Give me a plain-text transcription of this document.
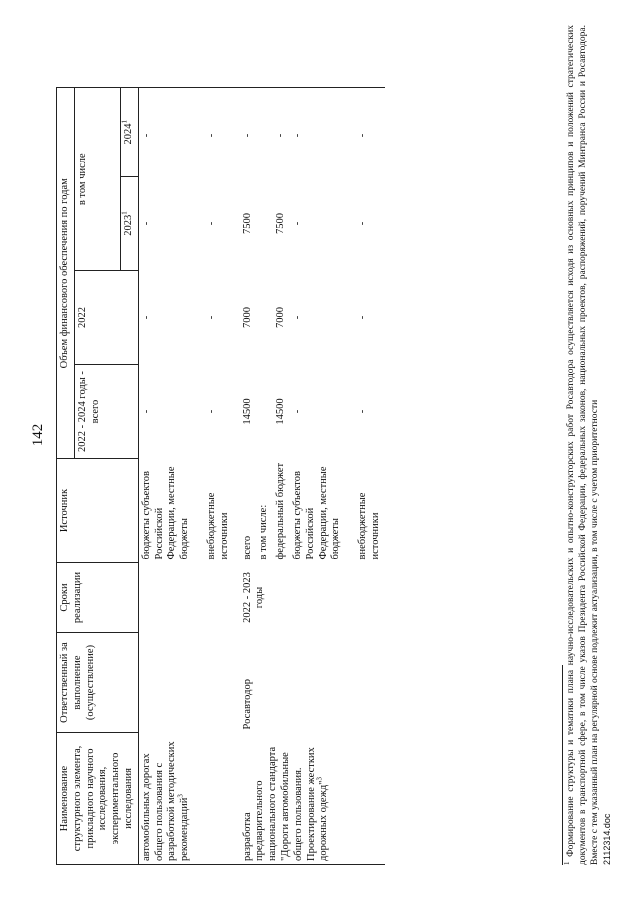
142
Наименование структурного элемента, прикладного научного исследования, экспериментального исследования	Ответственный за выполнение (осуществление)	Сроки реализации	Источник	Объем финансового обеспечения по годам				
				2022 - 2024 годы - всего	2022	в том числе		
						2023$^1$	2024$^1$
автомобильных дорогах общего пользования с разработкой методических рекомендаций$^3$			бюджеты субъектов Российской Федерации, местные бюджеты	-	-	-	-	
			внебюджетные источники	-	-	-	-	

разработка предварительного национального стандарта "Дороги автомобильные общего пользования. Проектирование жестких дорожных одежд"$^3$	Росавтодор	2022 - 2023 годы	всего	14500	7000	7500	-	
			в том числе:					
			федеральный бюджет	14500	7000	7500	-	
			бюджеты субъектов Российской Федерации, местные бюджеты	-	-	-	-	
			внебюджетные источники	-	-	-	-	
$^1$ Формирование структуры и тематики плана научно-исследовательских и опытно-конструкторских работ Росавтодора осуществляется исходя из основных принципов и положений стратегических документов в транспортной сфере, в том числе указов Президента Российской Федерации, федеральных законов, национальных проектов, распоряжений, поручений Минтранса России и Росавтодора. Вместе с тем указанный план на регулярной основе подлежит актуализации, в том числе с учетом приоритетности 2112314.doc
